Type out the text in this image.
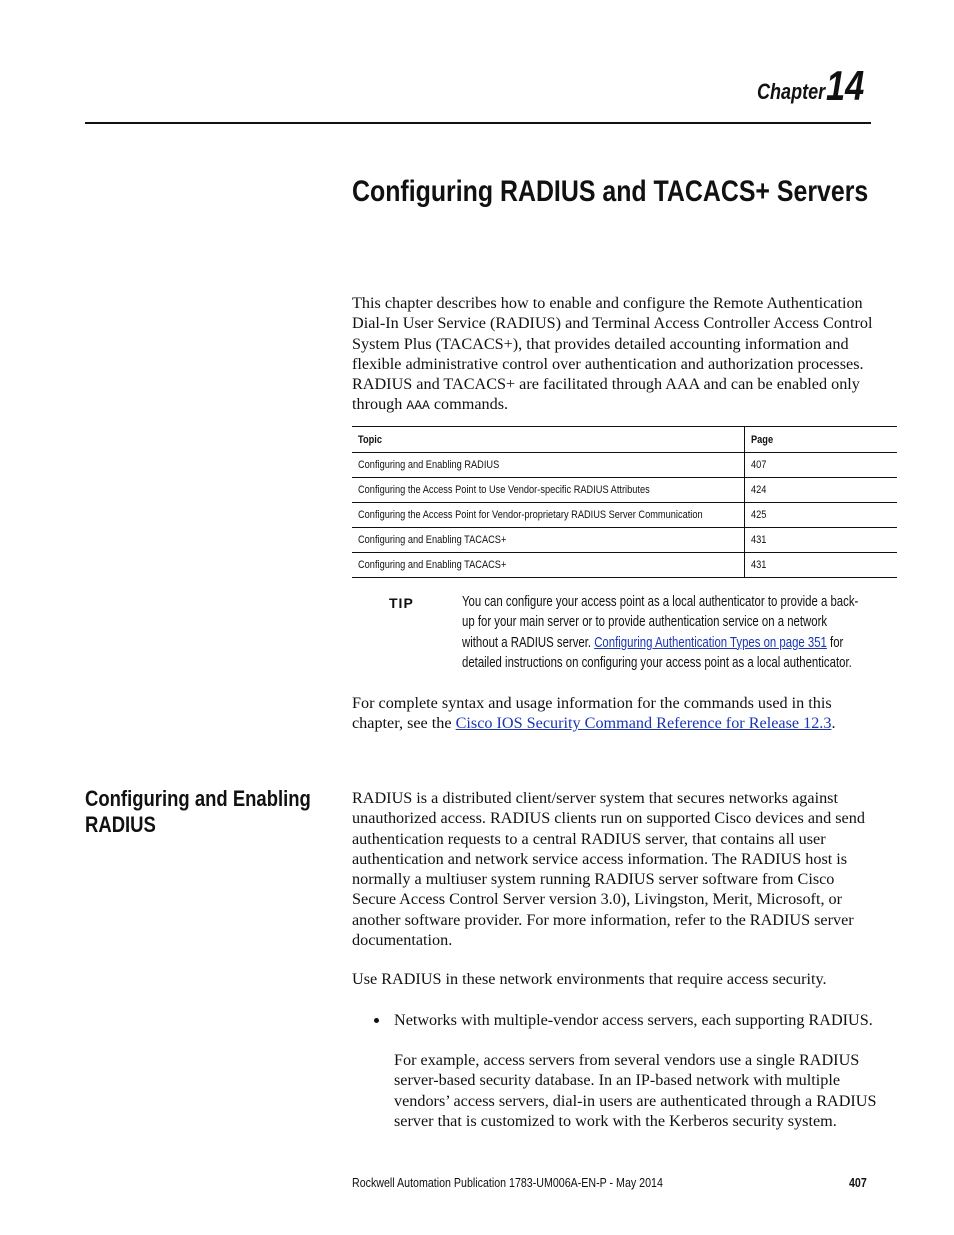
Chapter 14
Configuring RADIUS and TACACS+ Servers
This chapter describes how to enable and configure the Remote Authentication
Dial-In User Service (RADIUS) and Terminal Access Controller Access Control
System Plus (TACACS+), that provides detailed accounting information and
flexible administrative control over authentication and authorization processes.
RADIUS and TACACS+ are facilitated through AAA and can be enabled only
through AAA commands.
Topic	Page
Configuring and Enabling RADIUS	407
Configuring the Access Point to Use Vendor-specific RADIUS Attributes	424
Configuring the Access Point for Vendor-proprietary RADIUS Server Communication	425
Configuring and Enabling TACACS+	431
Configuring and Enabling TACACS+	431
TIP	You can configure your access point as a local authenticator to provide a back-
up for your main server or to provide authentication service on a network
without a RADIUS server. Configuring Authentication Types on page 351 for
detailed instructions on configuring your access point as a local authenticator.
For complete syntax and usage information for the commands used in this
chapter, see the Cisco IOS Security Command Reference for Release 12.3.
Configuring and Enabling
RADIUS
RADIUS is a distributed client/server system that secures networks against
unauthorized access. RADIUS clients run on supported Cisco devices and send
authentication requests to a central RADIUS server, that contains all user
authentication and network service access information. The RADIUS host is
normally a multiuser system running RADIUS server software from Cisco
Secure Access Control Server version 3.0), Livingston, Merit, Microsoft, or
another software provider. For more information, refer to the RADIUS server
documentation.
Use RADIUS in these network environments that require access security.
Networks with multiple-vendor access servers, each supporting RADIUS.
For example, access servers from several vendors use a single RADIUS
server-based security database. In an IP-based network with multiple
vendors’ access servers, dial-in users are authenticated through a RADIUS
server that is customized to work with the Kerberos security system.
Rockwell Automation Publication 1783-UM006A-EN-P - May 2014	407
